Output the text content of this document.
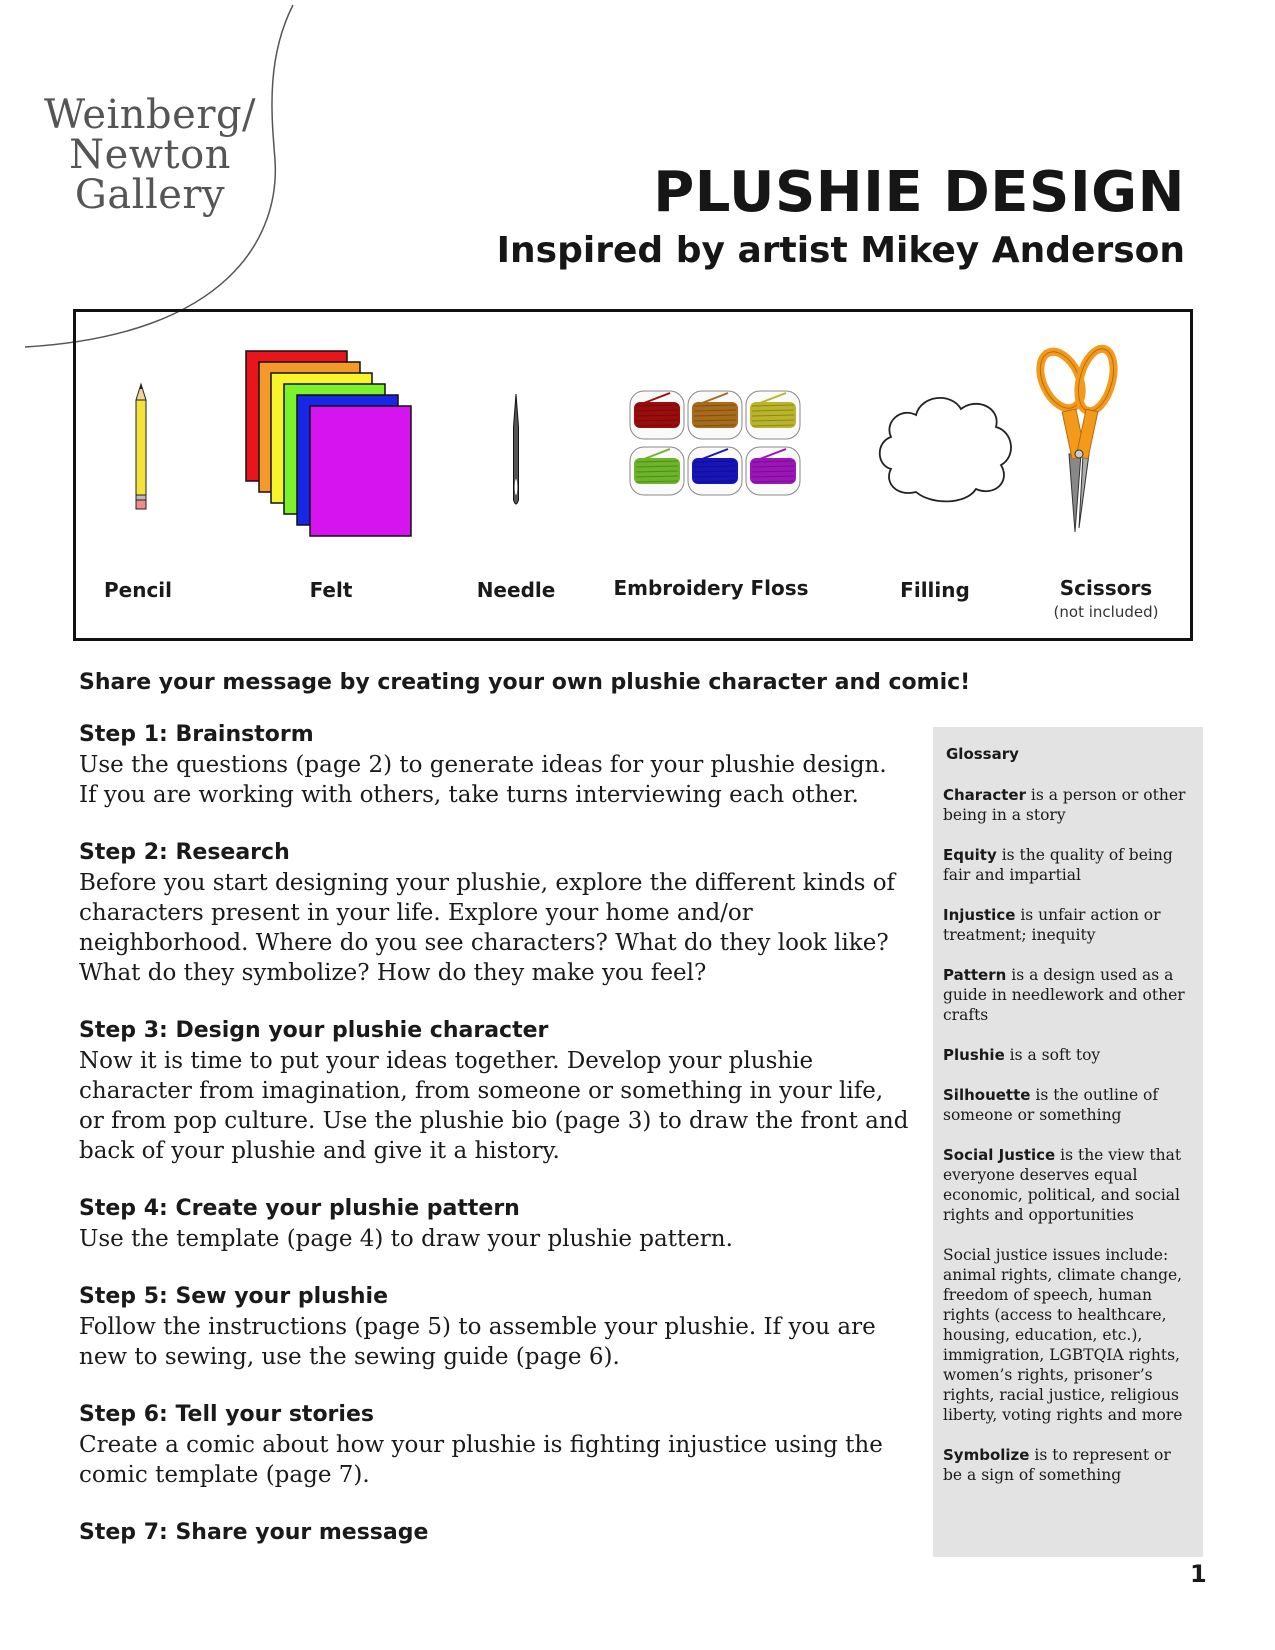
Weinberg/
Newton
Gallery	PLUSHIE DESIGN
Inspired by artist Mikey Anderson
Pencil	Felt	Needle	Embroidery Floss	Filling	Scissors
(not included)
Share your message by creating your own plushie character and comic!
Step 1: Brainstorm
Use the questions (page 2) to generate ideas for your plushie design. If you are working with others, take turns interviewing each other.
Step 2: Research
Before you start designing your plushie, explore the different kinds of characters present in your life. Explore your home and/or neighborhood. Where do you see characters? What do they look like? What do they symbolize? How do they make you feel?
Step 3: Design your plushie character
Now it is time to put your ideas together. Develop your plushie character from imagination, from someone or something in your life, or from pop culture. Use the plushie bio (page 3) to draw the front and back of your plushie and give it a history.
Step 4: Create your plushie pattern
Use the template (page 4) to draw your plushie pattern.
Step 5: Sew your plushie
Follow the instructions (page 5) to assemble your plushie. If you are new to sewing, use the sewing guide (page 6).
Step 6: Tell your stories
Create a comic about how your plushie is fighting injustice using the comic template (page 7).
Step 7: Share your message
Glossary
Character is a person or other being in a story
Equity is the quality of being fair and impartial
Injustice is unfair action or treatment; inequity
Pattern is a design used as a guide in needlework and other crafts
Plushie is a soft toy
Silhouette is the outline of someone or something
Social Justice is the view that everyone deserves equal economic, political, and social rights and opportunities
Social justice issues include: animal rights, climate change, freedom of speech, human rights (access to healthcare, housing, education, etc.), immigration, LGBTQIA rights, women’s rights, prisoner’s rights, racial justice, religious liberty, voting rights and more
Symbolize is to represent or be a sign of something
1
